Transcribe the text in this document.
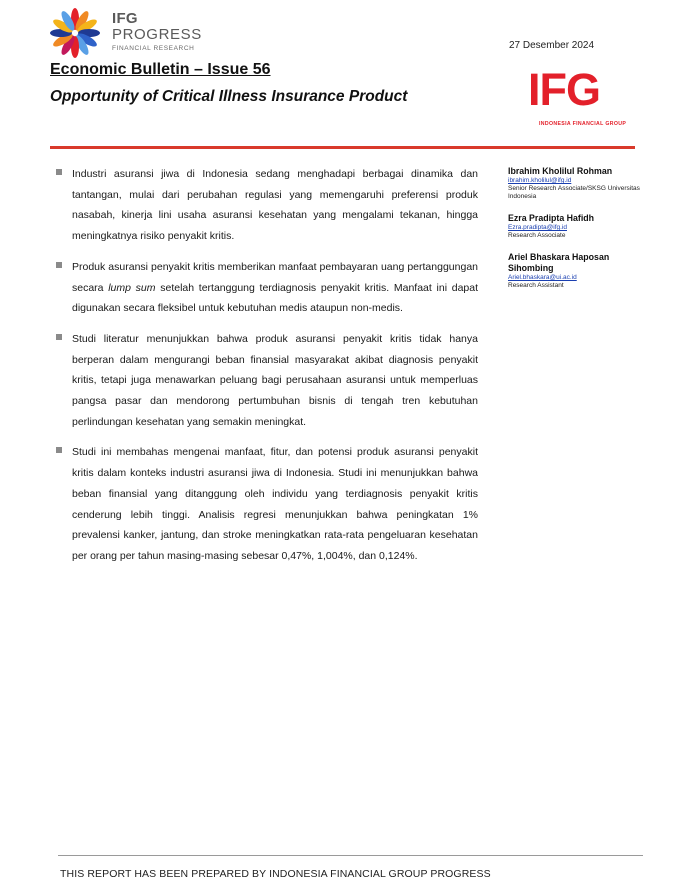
IFG
PROGRESS
FINANCIAL RESEARCH	27 Desember 2024
Economic Bulletin – Issue 56
Opportunity of Critical Illness Insurance Product	IFG
INDONESIA FINANCIAL GROUP
Industri asuransi jiwa di Indonesia sedang menghadapi berbagai dinamika dan tantangan, mulai dari perubahan regulasi yang memengaruhi preferensi produk nasabah, kinerja lini usaha asuransi kesehatan yang mengalami tekanan, hingga meningkatnya risiko penyakit kritis.
Produk asuransi penyakit kritis memberikan manfaat pembayaran uang pertanggungan secara lump sum setelah tertanggung terdiagnosis penyakit kritis. Manfaat ini dapat digunakan secara fleksibel untuk kebutuhan medis ataupun non-medis.
Studi literatur menunjukkan bahwa produk asuransi penyakit kritis tidak hanya berperan dalam mengurangi beban finansial masyarakat akibat diagnosis penyakit kritis, tetapi juga menawarkan peluang bagi perusahaan asuransi untuk memperluas pangsa pasar dan mendorong pertumbuhan bisnis di tengah tren kebutuhan perlindungan kesehatan yang semakin meningkat.
Studi ini membahas mengenai manfaat, fitur, dan potensi produk asuransi penyakit kritis dalam konteks industri asuransi jiwa di Indonesia. Studi ini menunjukkan bahwa beban finansial yang ditanggung oleh individu yang terdiagnosis penyakit kritis cenderung lebih tinggi. Analisis regresi menunjukkan bahwa peningkatan 1% prevalensi kanker, jantung, dan stroke meningkatkan rata-rata pengeluaran kesehatan per orang per tahun masing-masing sebesar 0,47%, 1,004%, dan 0,124%.
Ibrahim Kholilul Rohman
ibrahim.kholilul@ifg.id
Senior Research Associate/SKSG Universitas Indonesia
Ezra Pradipta Hafidh
Ezra.pradipta@ifg.id
Research Associate
Ariel Bhaskara Haposan Sihombing
Ariel.bhaskara@ui.ac.id
Research Assistant
THIS REPORT HAS BEEN PREPARED BY INDONESIA FINANCIAL GROUP PROGRESS
